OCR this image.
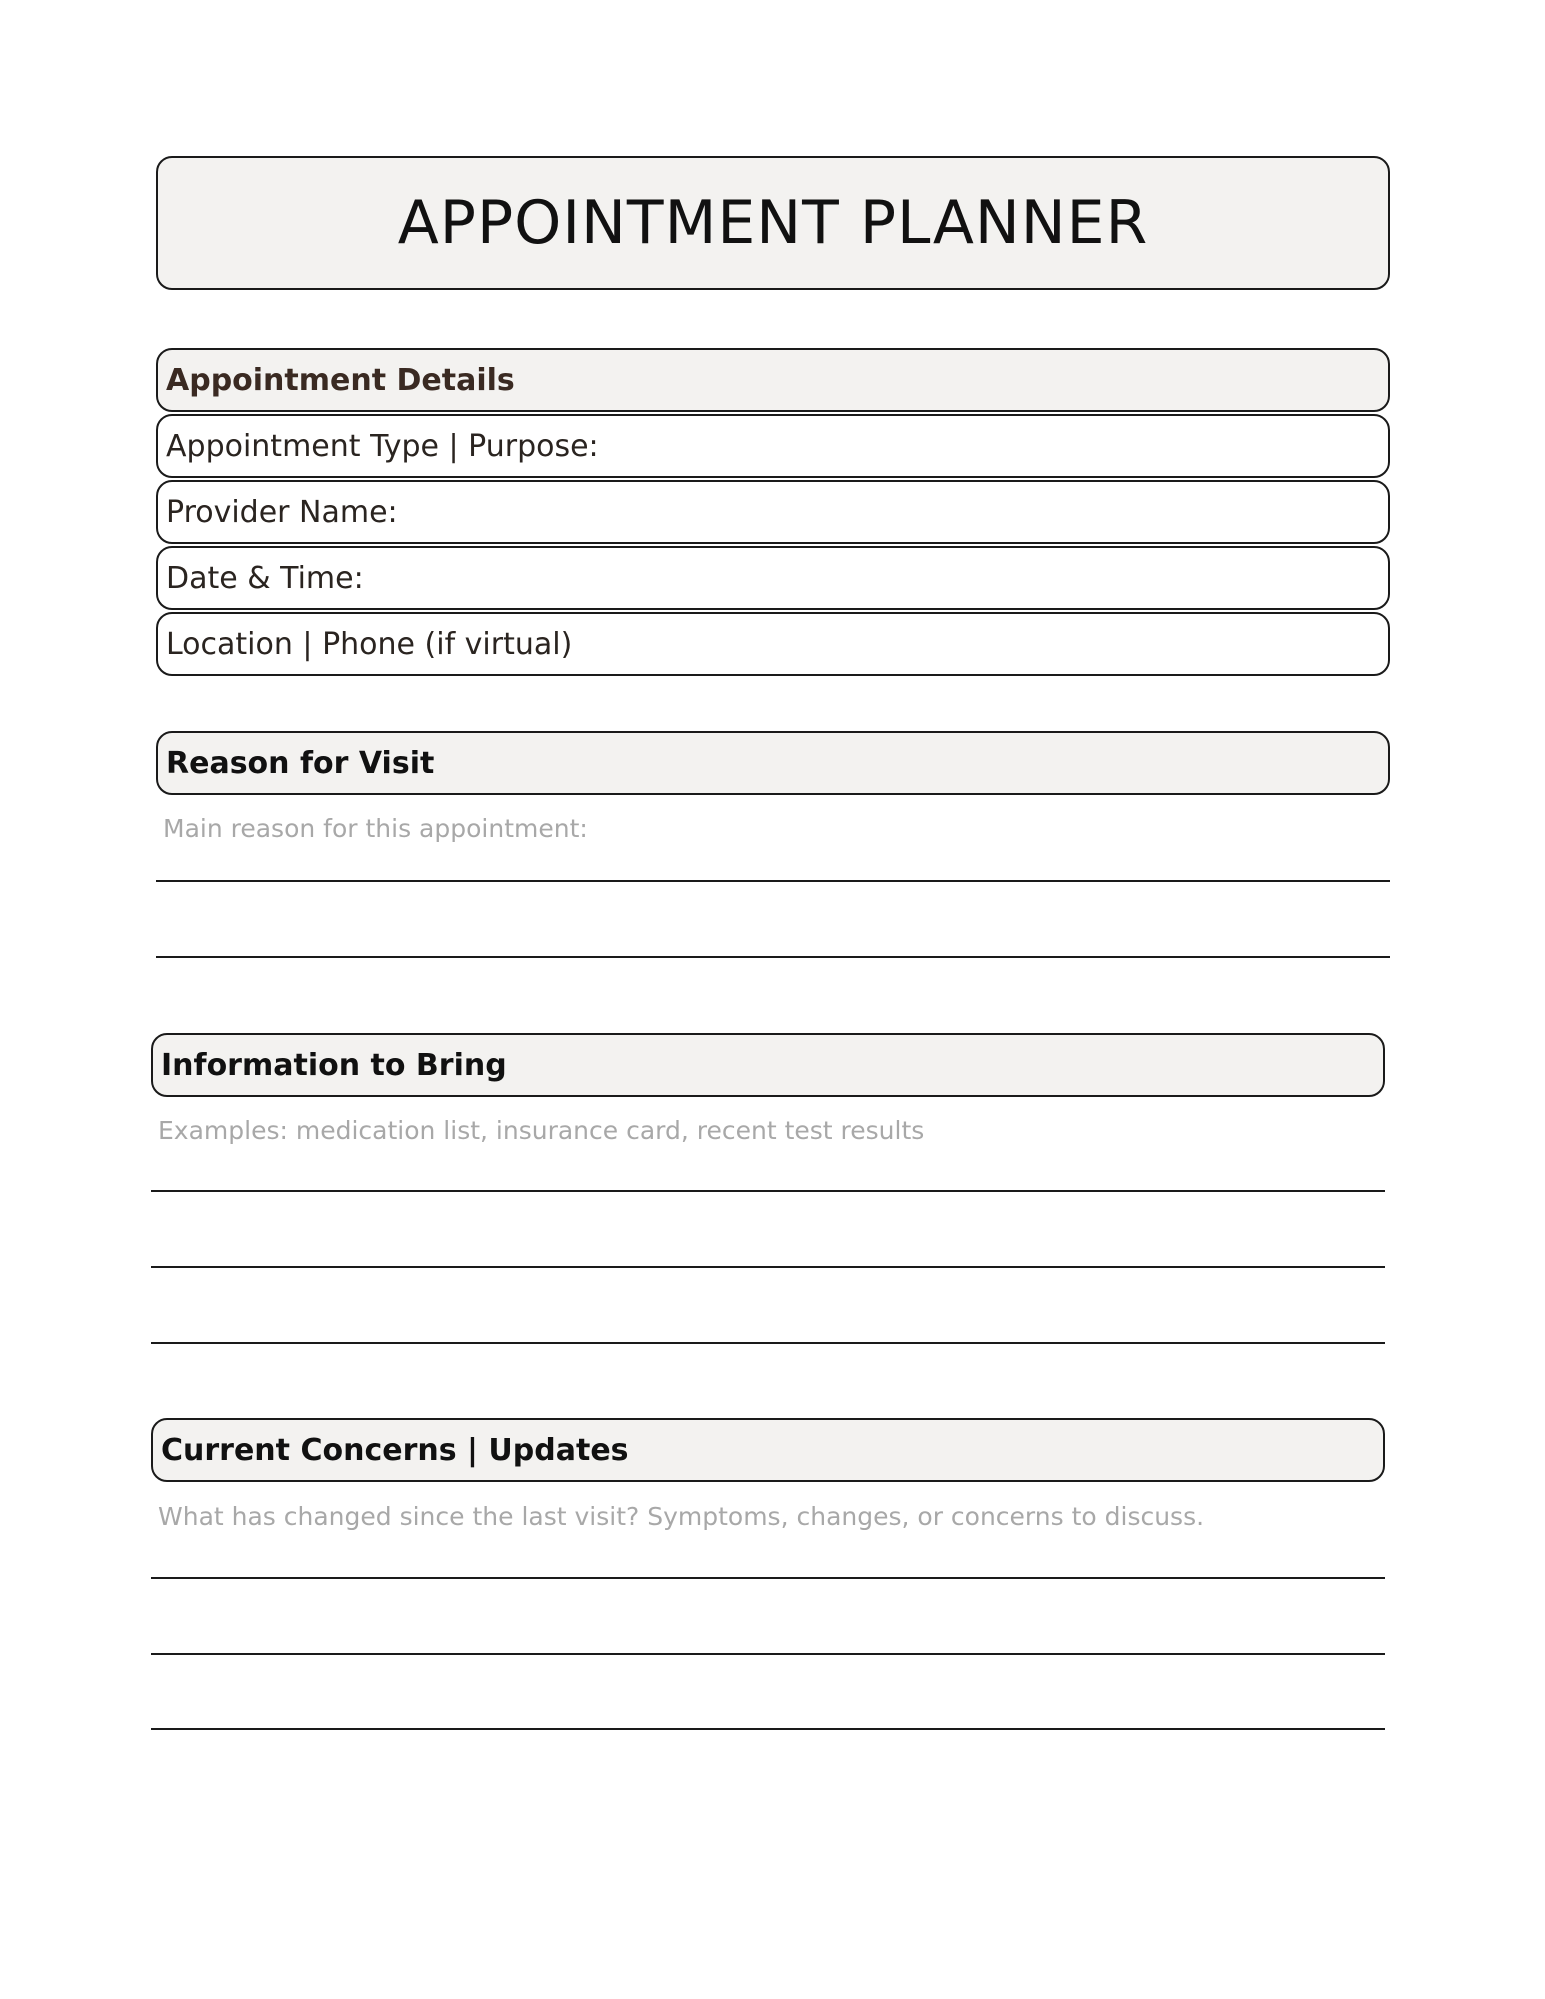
APPOINTMENT PLANNER
Appointment Details
Appointment Type | Purpose:
Provider Name:
Date & Time:
Location | Phone (if virtual)
Reason for Visit
Main reason for this appointment:
Information to Bring
Examples: medication list, insurance card, recent test results
Current Concerns | Updates
What has changed since the last visit? Symptoms, changes, or concerns to discuss.
